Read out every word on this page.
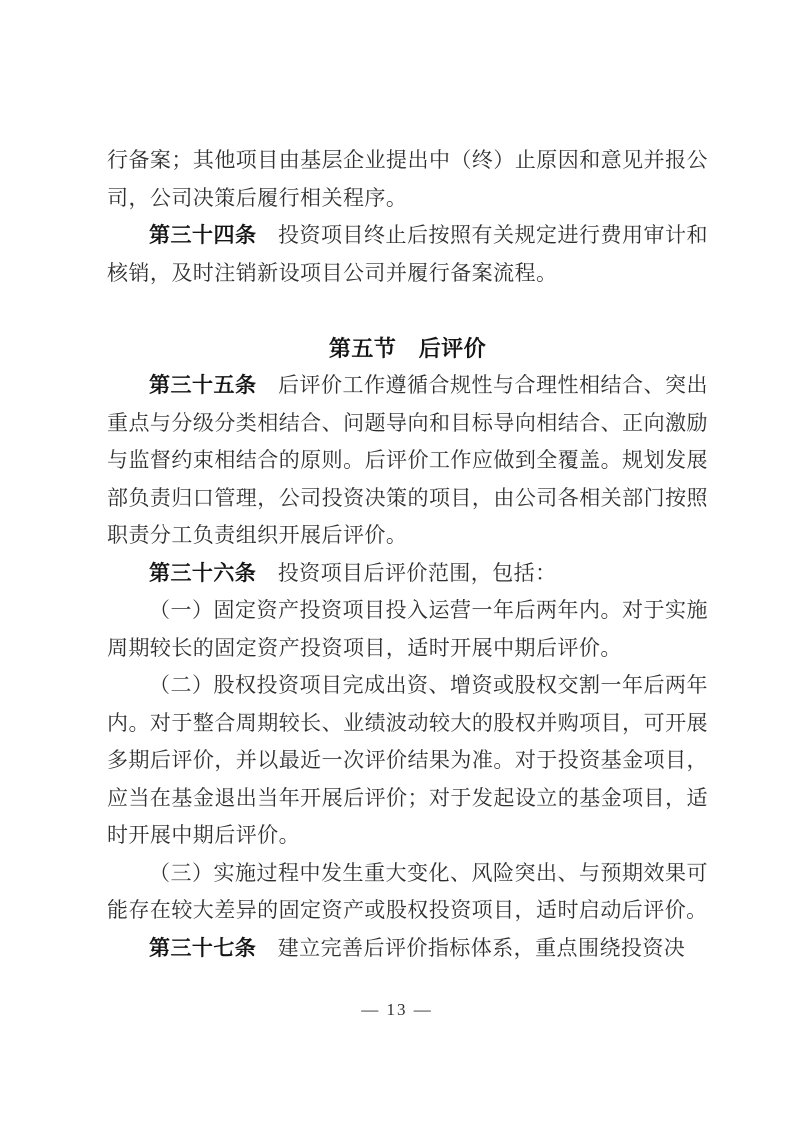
行备案；其他项目由基层企业提出中（终）止原因和意见并报公司，公司决策后履行相关程序。

第三十四条　投资项目终止后按照有关规定进行费用审计和核销，及时注销新设项目公司并履行备案流程。

第五节　后评价

第三十五条　后评价工作遵循合规性与合理性相结合、突出重点与分级分类相结合、问题导向和目标导向相结合、正向激励与监督约束相结合的原则。后评价工作应做到全覆盖。规划发展部负责归口管理，公司投资决策的项目，由公司各相关部门按照职责分工负责组织开展后评价。

第三十六条　投资项目后评价范围，包括：

（一）固定资产投资项目投入运营一年后两年内。对于实施周期较长的固定资产投资项目，适时开展中期后评价。

（二）股权投资项目完成出资、增资或股权交割一年后两年内。对于整合周期较长、业绩波动较大的股权并购项目，可开展多期后评价，并以最近一次评价结果为准。对于投资基金项目，应当在基金退出当年开展后评价；对于发起设立的基金项目，适时开展中期后评价。

（三）实施过程中发生重大变化、风险突出、与预期效果可能存在较大差异的固定资产或股权投资项目，适时启动后评价。

第三十七条　建立完善后评价指标体系，重点围绕投资决

— 13 —
